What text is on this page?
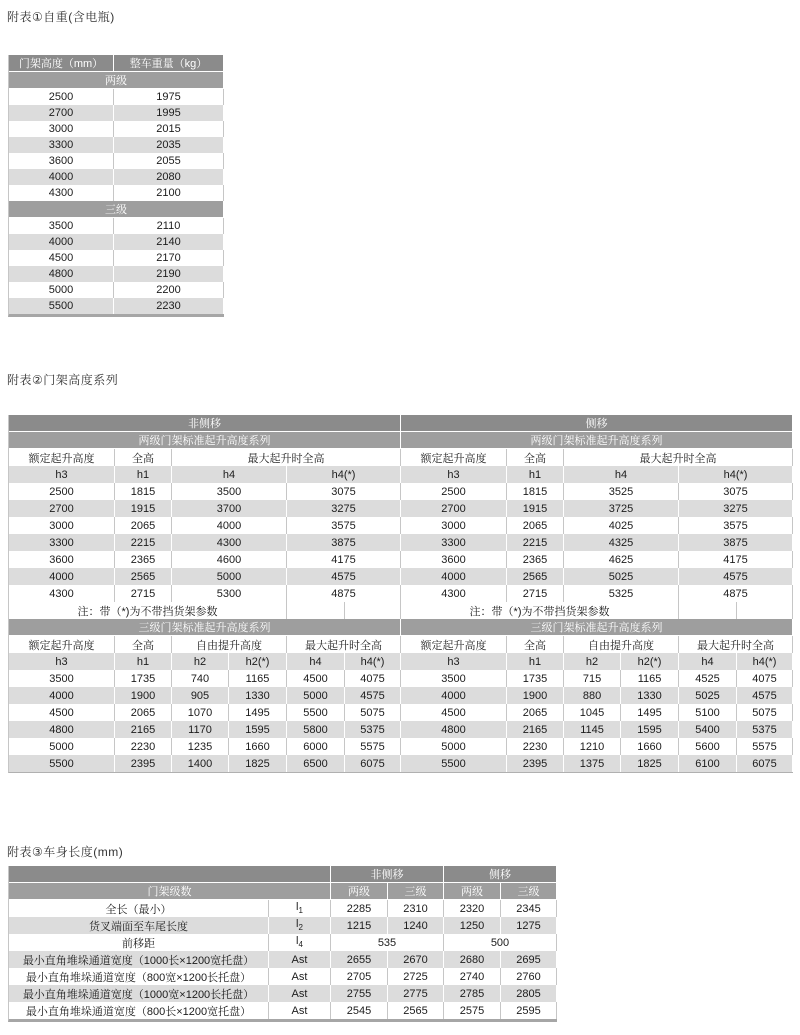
附表①自重(含电瓶)
门架高度（mm）	整车重量（kg）
两级	
2500	1975
2700	1995
3000	2015
3300	2035
3600	2055
4000	2080
4300	2100
三级	
3500	2110
4000	2140
4500	2170
4800	2190
5000	2200
5500	2230
附表②门架高度系列
非侧移						侧移					
两级门架标准起升高度系列						两级门架标准起升高度系列					
额定起升高度	全高	最大起升时全高				额定起升高度	全高	最大起升时全高			
h3	h1	h4		h4(*)		h3	h1	h4		h4(*)	
2500	1815	3500		3075		2500	1815	3525		3075	
2700	1915	3700		3275		2700	1915	3725		3275	
3000	2065	4000		3575		3000	2065	4025		3575	
3300	2215	4300		3875		3300	2215	4325		3875	
3600	2365	4600		4175		3600	2365	4625		4175	
4000	2565	5000		4575		4000	2565	5025		4575	
4300	2715	5300		4875		4300	2715	5325		4875	
注：带（*)为不带挡货架参数						注：带（*)为不带挡货架参数					
三级门架标准起升高度系列						三级门架标准起升高度系列					
额定起升高度	全高	自由提升高度		最大起升时全高		额定起升高度	全高	自由提升高度		最大起升时全高	
h3	h1	h2	h2(*)	h4	h4(*)	h3	h1	h2	h2(*)	h4	h4(*)
3500	1735	740	1165	4500	4075	3500	1735	715	1165	4525	4075
4000	1900	905	1330	5000	4575	4000	1900	880	1330	5025	4575
4500	2065	1070	1495	5500	5075	4500	2065	1045	1495	5100	5075
4800	2165	1170	1595	5800	5375	4800	2165	1145	1595	5400	5375
5000	2230	1235	1660	6000	5575	5000	2230	1210	1660	5600	5575
5500	2395	1400	1825	6500	6075	5500	2395	1375	1825	6100	6075
附表③车身长度(mm)
		非侧移		侧移	
门架级数		两级	三级	两级	三级
全长（最小）	$l_1$	2285	2310	2320	2345
货叉端面至车尾长度	$l_2$	1215	1240	1250	1275
前移距	$l_4$	535		500	
最小直角堆垛通道宽度（1000长×1200宽托盘）	Ast	2655	2670	2680	2695
最小直角堆垛通道宽度（800宽×1200长托盘）	Ast	2705	2725	2740	2760
最小直角堆垛通道宽度（1000宽×1200长托盘）	Ast	2755	2775	2785	2805
最小直角堆垛通道宽度（800长×1200宽托盘）	Ast	2545	2565	2575	2595
